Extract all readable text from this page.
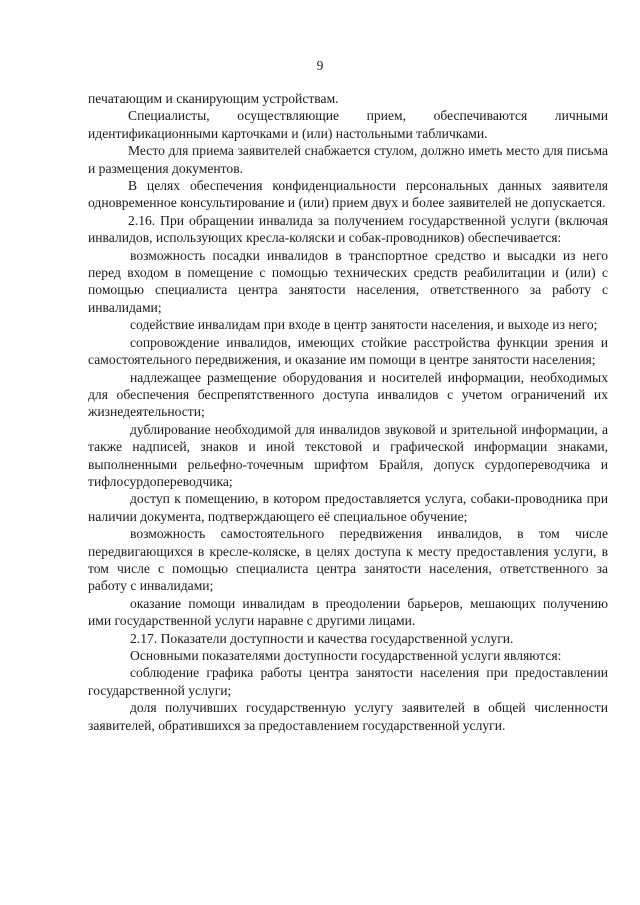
9

печатающим и сканирующим устройствам.

Специалисты, осуществляющие прием, обеспечиваются личными идентификационными карточками и (или) настольными табличками.

Место для приема заявителей снабжается стулом, должно иметь место для письма и размещения документов.

В целях обеспечения конфиденциальности персональных данных заявителя одновременное консультирование и (или) прием двух и более заявителей не допускается.

2.16. При обращении инвалида за получением государственной услуги (включая инвалидов, использующих кресла-коляски и собак-проводников) обеспечивается:

возможность посадки инвалидов в транспортное средство и высадки из него перед входом в помещение с помощью технических средств реабилитации и (или) с помощью специалиста центра занятости населения, ответственного за работу с инвалидами;

содействие инвалидам при входе в центр занятости населения, и выходе из него;

сопровождение инвалидов, имеющих стойкие расстройства функции зрения и самостоятельного передвижения, и оказание им помощи в центре занятости населения;

надлежащее размещение оборудования и носителей информации, необходимых для обеспечения беспрепятственного доступа инвалидов с учетом ограничений их жизнедеятельности;

дублирование необходимой для инвалидов звуковой и зрительной информации, а также надписей, знаков и иной текстовой и графической информации знаками, выполненными рельефно-точечным шрифтом Брайля, допуск сурдопереводчика и тифлосурдопереводчика;

доступ к помещению, в котором предоставляется услуга, собаки-проводника при наличии документа, подтверждающего её специальное обучение;

возможность самостоятельного передвижения инвалидов, в том числе передвигающихся в кресле-коляске, в целях доступа к месту предоставления услуги, в том числе с помощью специалиста центра занятости населения, ответственного за работу с инвалидами;

оказание помощи инвалидам в преодолении барьеров, мешающих получению ими государственной услуги наравне с другими лицами.

2.17. Показатели доступности и качества государственной услуги.

Основными показателями доступности государственной услуги являются:

соблюдение графика работы центра занятости населения при предоставлении государственной услуги;

доля получивших государственную услугу заявителей в общей численности заявителей, обратившихся за предоставлением государственной услуги.
